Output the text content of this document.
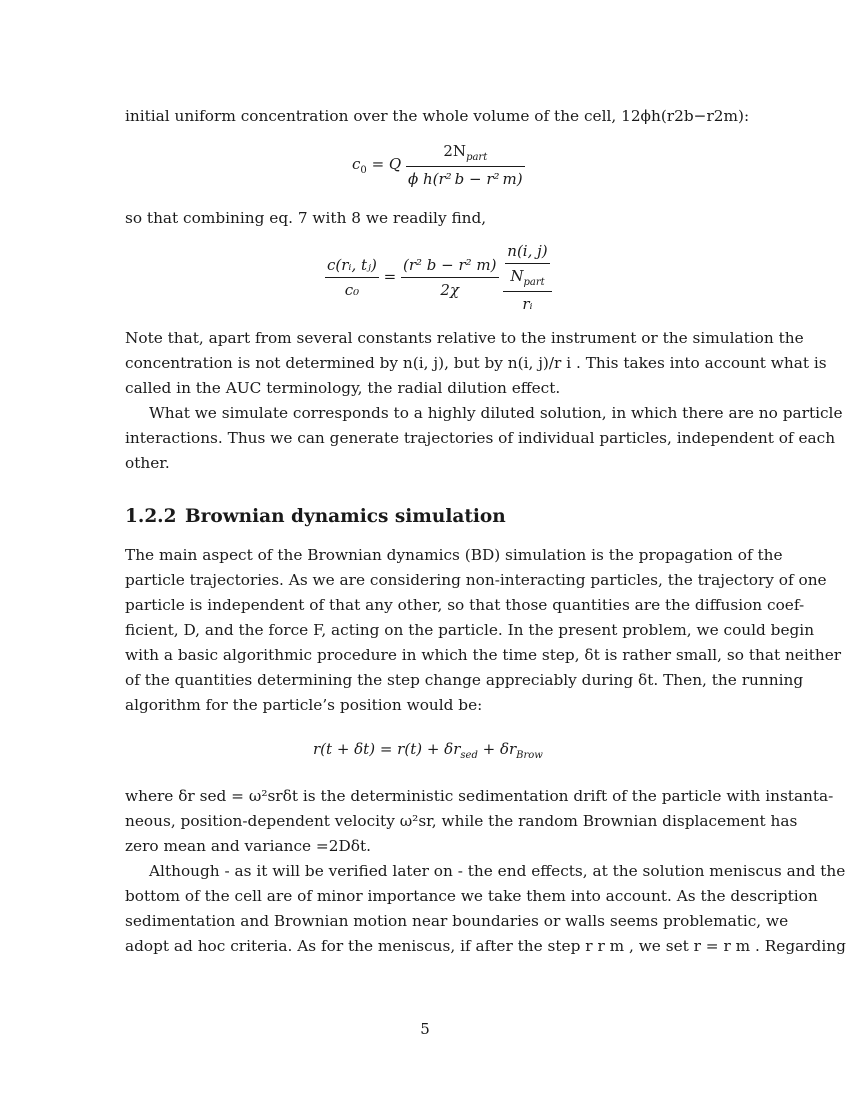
initial uniform concentration over the whole volume of the cell, 12ϕh(r2b−r2m):
so that combining eq. 7 with 8 we readily find,
Note that, apart from several constants relative to the instrument or the simulation the
concentration is not determined by n(i, j), but by n(i, j)/r i . This takes into account what is
called in the AUC terminology, the radial dilution effect.
What we simulate corresponds to a highly diluted solution, in which there are no particle
interactions. Thus we can generate trajectories of individual particles, independent of each
other.
1.2.2 Brownian dynamics simulation
The main aspect of the Brownian dynamics (BD) simulation is the propagation of the
particle trajectories. As we are considering non-interacting particles, the trajectory of one
particle is independent of that any other, so that those quantities are the diffusion coef-
ficient, D, and the force F, acting on the particle. In the present problem, we could begin
with a basic algorithmic procedure in which the time step, δt is rather small, so that neither
of the quantities determining the step change appreciably during δt. Then, the running
algorithm for the particle’s position would be:
where δr sed = ω²srδt is the deterministic sedimentation drift of the particle with instanta-
neous, position-dependent velocity ω²sr, while the random Brownian displacement has
zero mean and variance =2Dδt.
Although - as it will be verified later on - the end effects, at the solution meniscus and the
bottom of the cell are of minor importance we take them into account. As the description
sedimentation and Brownian motion near boundaries or walls seems problematic, we
adopt ad hoc criteria. As for the meniscus, if after the step r r m , we set r = r m . Regarding
$c_0 = Q \frac{2N_{part}}{\text{ϕ h(r² b − r² m)}}$
$\frac{\text{c(rᵢ, tⱼ)}}{\text{c₀}} = \frac{\text{(r² b − r² m)}}{2\chi}$
$\frac{\frac{n(i, j)}{N_{part}}}{\text{rᵢ}}$
$r(t + \delta t) = r(t) + \delta r_{sed} + \delta r_{Brow}$
5
